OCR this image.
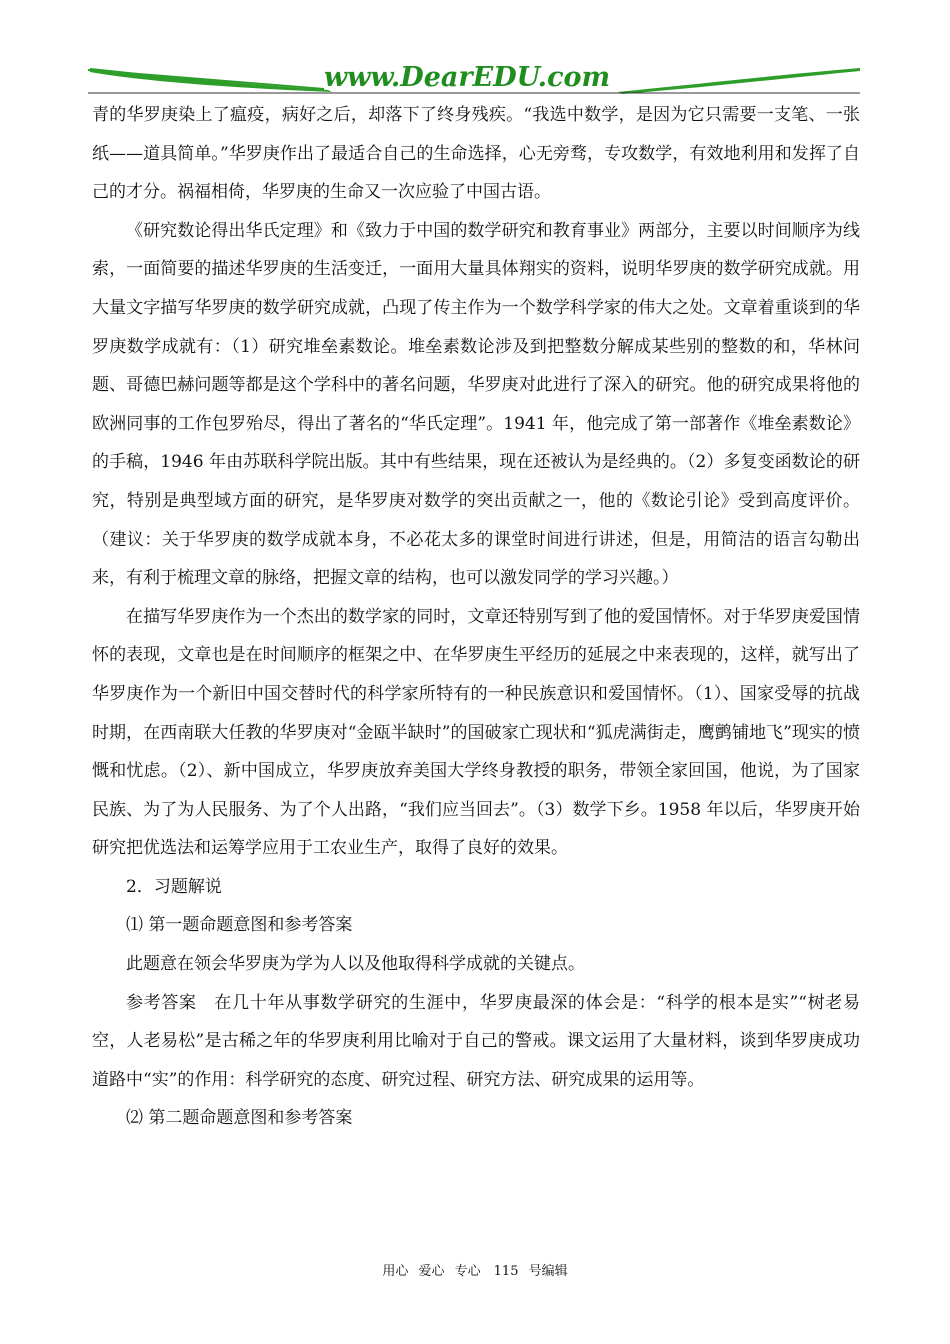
www.DearEDU.com

青的华罗庚染上了瘟疫，病好之后，却落下了终身残疾。“我选中数学，是因为它只需要一支笔、一张纸——道具简单。”华罗庚作出了最适合自己的生命选择，心无旁骛，专攻数学，有效地利用和发挥了自己的才分。祸福相倚，华罗庚的生命又一次应验了中国古语。

《研究数论得出华氏定理》和《致力于中国的数学研究和教育事业》两部分，主要以时间顺序为线索，一面简要的描述华罗庚的生活变迁，一面用大量具体翔实的资料，说明华罗庚的数学研究成就。用大量文字描写华罗庚的数学研究成就，凸现了传主作为一个数学科学家的伟大之处。文章着重谈到的华罗庚数学成就有：（1）研究堆垒素数论。堆垒素数论涉及到把整数分解成某些别的整数的和，华林问题、哥德巴赫问题等都是这个学科中的著名问题，华罗庚对此进行了深入的研究。他的研究成果将他的欧洲同事的工作包罗殆尽，得出了著名的“华氏定理”。1941 年，他完成了第一部著作《堆垒素数论》的手稿，1946 年由苏联科学院出版。其中有些结果，现在还被认为是经典的。（2）多复变函数论的研究，特别是典型域方面的研究，是华罗庚对数学的突出贡献之一，他的《数论引论》受到高度评价。（建议：关于华罗庚的数学成就本身，不必花太多的课堂时间进行讲述，但是，用简洁的语言勾勒出来，有利于梳理文章的脉络，把握文章的结构，也可以激发同学的学习兴趣。）

在描写华罗庚作为一个杰出的数学家的同时，文章还特别写到了他的爱国情怀。对于华罗庚爱国情怀的表现，文章也是在时间顺序的框架之中、在华罗庚生平经历的延展之中来表现的，这样，就写出了华罗庚作为一个新旧中国交替时代的科学家所特有的一种民族意识和爱国情怀。（1）、国家受辱的抗战时期，在西南联大任教的华罗庚对“金瓯半缺时”的国破家亡现状和“狐虎满街走，鹰鹯铺地飞”现实的愤慨和忧虑。（2）、新中国成立，华罗庚放弃美国大学终身教授的职务，带领全家回国，他说，为了国家民族、为了为人民服务、为了个人出路，“我们应当回去”。（3）数学下乡。1958 年以后，华罗庚开始研究把优选法和运筹学应用于工农业生产，取得了良好的效果。

2．习题解说

⑴ 第一题命题意图和参考答案

此题意在领会华罗庚为学为人以及他取得科学成就的关键点。

参考答案　在几十年从事数学研究的生涯中，华罗庚最深的体会是：“科学的根本是实”“树老易空，人老易松”是古稀之年的华罗庚利用比喻对于自己的警戒。课文运用了大量材料，谈到华罗庚成功道路中“实”的作用：科学研究的态度、研究过程、研究方法、研究成果的运用等。

⑵ 第二题命题意图和参考答案

用心 爱心 专心　115 号编辑
